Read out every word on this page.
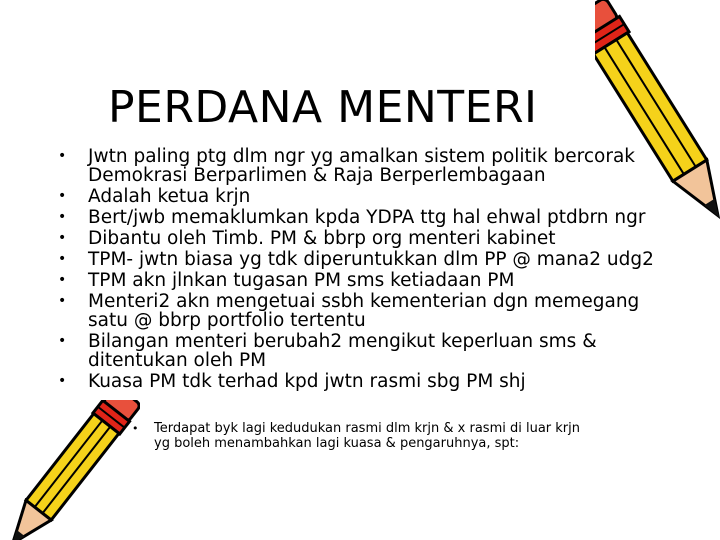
PERDANA MENTERI
• Jwtn paling ptg dlm ngr yg amalkan sistem politik bercorak
Demokrasi Berparlimen & Raja Berperlembagaan
• Adalah ketua krjn
• Bert/jwb memaklumkan kpda YDPA ttg hal ehwal ptdbrn ngr
• Dibantu oleh Timb. PM & bbrp org menteri kabinet
• TPM- jwtn biasa yg tdk diperuntukkan dlm PP @ mana2 udg2
• TPM akn jlnkan tugasan PM sms ketiadaan PM
• Menteri2 akn mengetuai ssbh kementerian dgn memegang
satu @ bbrp portfolio tertentu
• Bilangan menteri berubah2 mengikut keperluan sms &
ditentukan oleh PM
• Kuasa PM tdk terhad kpd jwtn rasmi sbg PM shj
• Terdapat byk lagi kedudukan rasmi dlm krjn & x rasmi di luar krjn
yg boleh menambahkan lagi kuasa & pengaruhnya, spt:
